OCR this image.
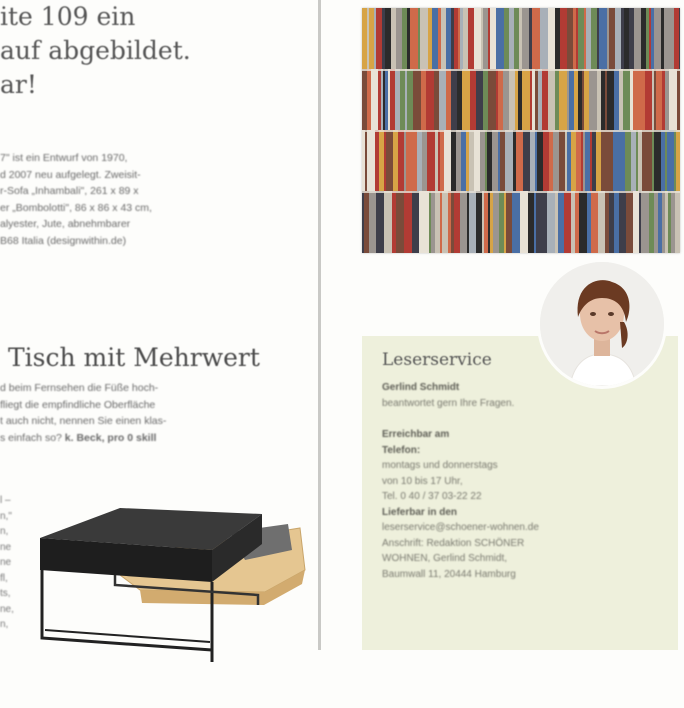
ite 109 ein
auf abgebildet.
ar!
7" ist ein Entwurf von 1970,
d 2007 neu aufgelegt. Zweisit-
r-Sofa „Inhambali", 261 x 89 x
er „Bombolotti", 86 x 86 x 43 cm,
alyester, Jute, abnehmbarer
B68 Italia (designwithin.de)
Tisch mit Mehrwert
d beim Fernsehen die Füße hoch-
fliegt die empfindliche Oberfläche
t auch nicht, nennen Sie einen klas-
s einfach so? k. Beck, pro 0 skill
l –
n,"
n,
ne
ne
fl,
ts,
ne,
n,
Leserservice
Gerlind Schmidt
beantwortet gern Ihre Fragen.
Erreichbar am
Telefon:
montags und donnerstags
von 10 bis 17 Uhr,
Tel. 0 40 / 37 03-22 22
Lieferbar in den
leserservice@schoener-wohnen.de
Anschrift: Redaktion SCHÖNER
WOHNEN, Gerlind Schmidt,
Baumwall 11, 20444 Hamburg
